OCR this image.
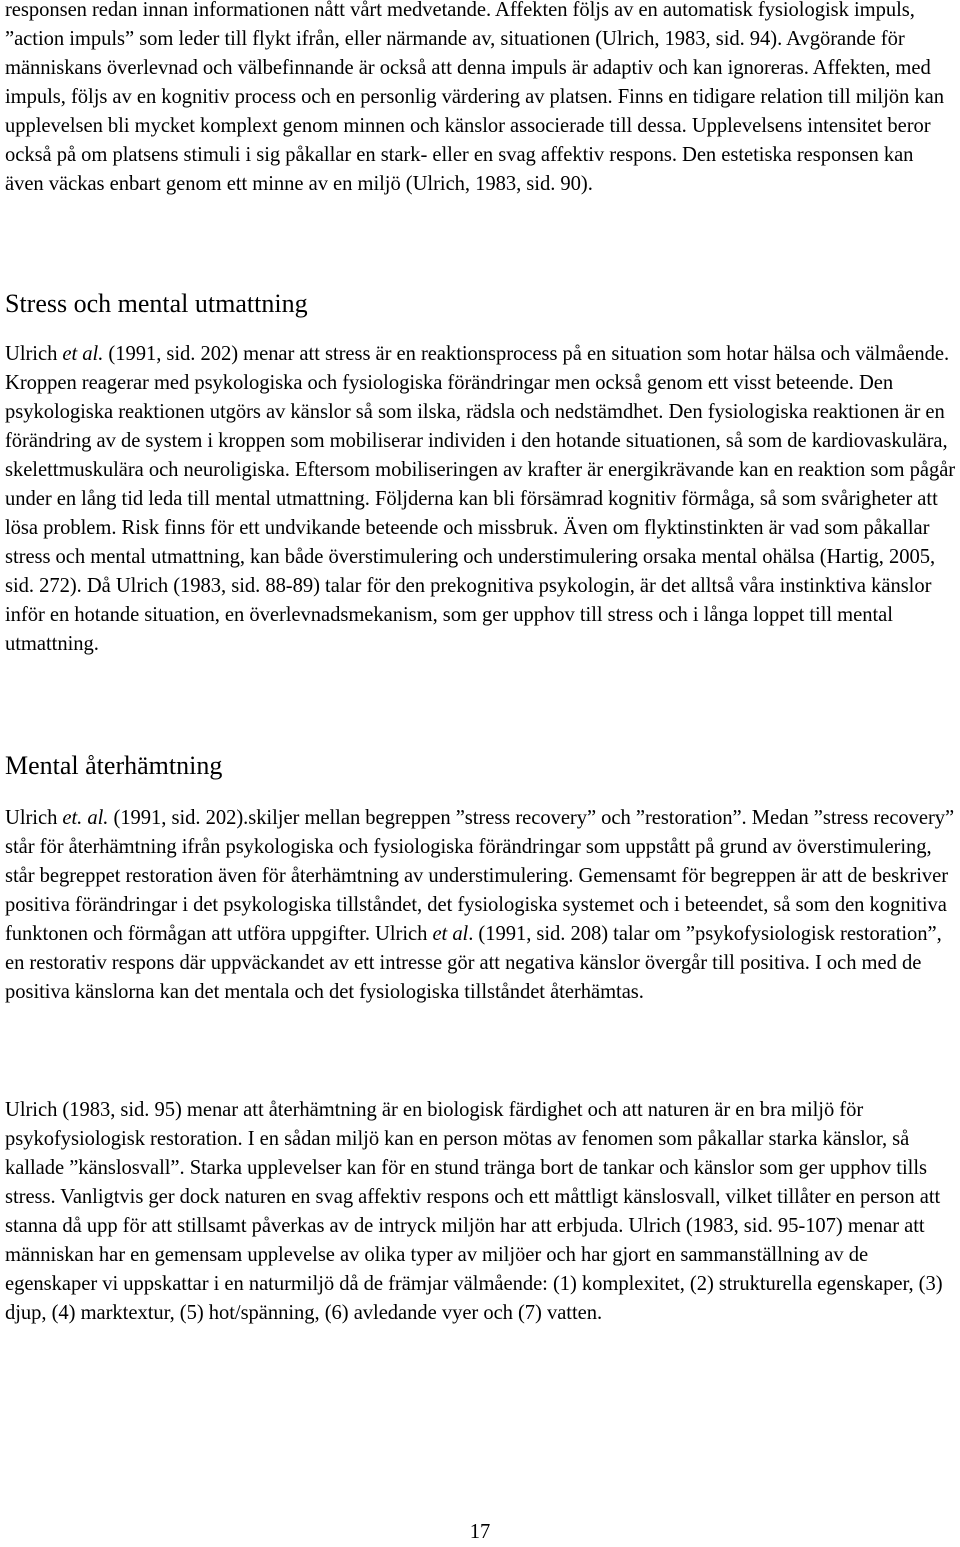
responsen redan innan informationen nått vårt medvetande. Affekten följs av en automatisk fysiologisk impuls, ”action impuls” som leder till flykt ifrån, eller närmande av, situationen (Ulrich, 1983, sid. 94). Avgörande för människans överlevnad och välbefinnande är också att denna impuls är adaptiv och kan ignoreras. Affekten, med impuls, följs av en kognitiv process och en personlig värdering av platsen. Finns en tidigare relation till miljön kan upplevelsen bli mycket komplext genom minnen och känslor associerade till dessa. Upplevelsens intensitet beror också på om platsens stimuli i sig påkallar en stark- eller en svag affektiv respons. Den estetiska responsen kan även väckas enbart genom ett minne av en miljö (Ulrich, 1983, sid. 90).

Stress och mental utmattning

Ulrich et al. (1991, sid. 202) menar att stress är en reaktionsprocess på en situation som hotar hälsa och välmående. Kroppen reagerar med psykologiska och fysiologiska förändringar men också genom ett visst beteende. Den psykologiska reaktionen utgörs av känslor så som ilska, rädsla och nedstämdhet. Den fysiologiska reaktionen är en förändring av de system i kroppen som mobiliserar individen i den hotande situationen, så som de kardiovaskulära, skelettmuskulära och neuroligiska. Eftersom mobiliseringen av krafter är energikrävande kan en reaktion som pågår under en lång tid leda till mental utmattning. Följderna kan bli försämrad kognitiv förmåga, så som svårigheter att lösa problem. Risk finns för ett undvikande beteende och missbruk. Även om flyktinstinkten är vad som påkallar stress och mental utmattning, kan både överstimulering och understimulering orsaka mental ohälsa (Hartig, 2005, sid. 272). Då Ulrich (1983, sid. 88-89) talar för den prekognitiva psykologin, är det alltså våra instinktiva känslor inför en hotande situation, en överlevnadsmekanism, som ger upphov till stress och i långa loppet till mental utmattning.

Mental återhämtning

Ulrich et. al. (1991, sid. 202).skiljer mellan begreppen ”stress recovery” och ”restoration”. Medan ”stress recovery” står för återhämtning ifrån psykologiska och fysiologiska förändringar som uppstått på grund av överstimulering, står begreppet restoration även för återhämtning av understimulering. Gemensamt för begreppen är att de beskriver positiva förändringar i det psykologiska tillståndet, det fysiologiska systemet och i beteendet, så som den kognitiva funktonen och förmågan att utföra uppgifter. Ulrich et al. (1991, sid. 208) talar om ”psykofysiologisk restoration”, en restorativ respons där uppväckandet av ett intresse gör att negativa känslor övergår till positiva. I och med de positiva känslorna kan det mentala och det fysiologiska tillståndet återhämtas.

Ulrich (1983, sid. 95) menar att återhämtning är en biologisk färdighet och att naturen är en bra miljö för psykofysiologisk restoration. I en sådan miljö kan en person mötas av fenomen som påkallar starka känslor, så kallade ”känslosvall”. Starka upplevelser kan för en stund tränga bort de tankar och känslor som ger upphov tills stress. Vanligtvis ger dock naturen en svag affektiv respons och ett måttligt känslosvall, vilket tillåter en person att stanna då upp för att stillsamt påverkas av de intryck miljön har att erbjuda. Ulrich (1983, sid. 95-107) menar att människan har en gemensam upplevelse av olika typer av miljöer och har gjort en sammanställning av de egenskaper vi uppskattar i en naturmiljö då de främjar välmående: (1) komplexitet, (2) strukturella egenskaper, (3) djup, (4) marktextur, (5) hot/spänning, (6) avledande vyer och (7) vatten.

17
